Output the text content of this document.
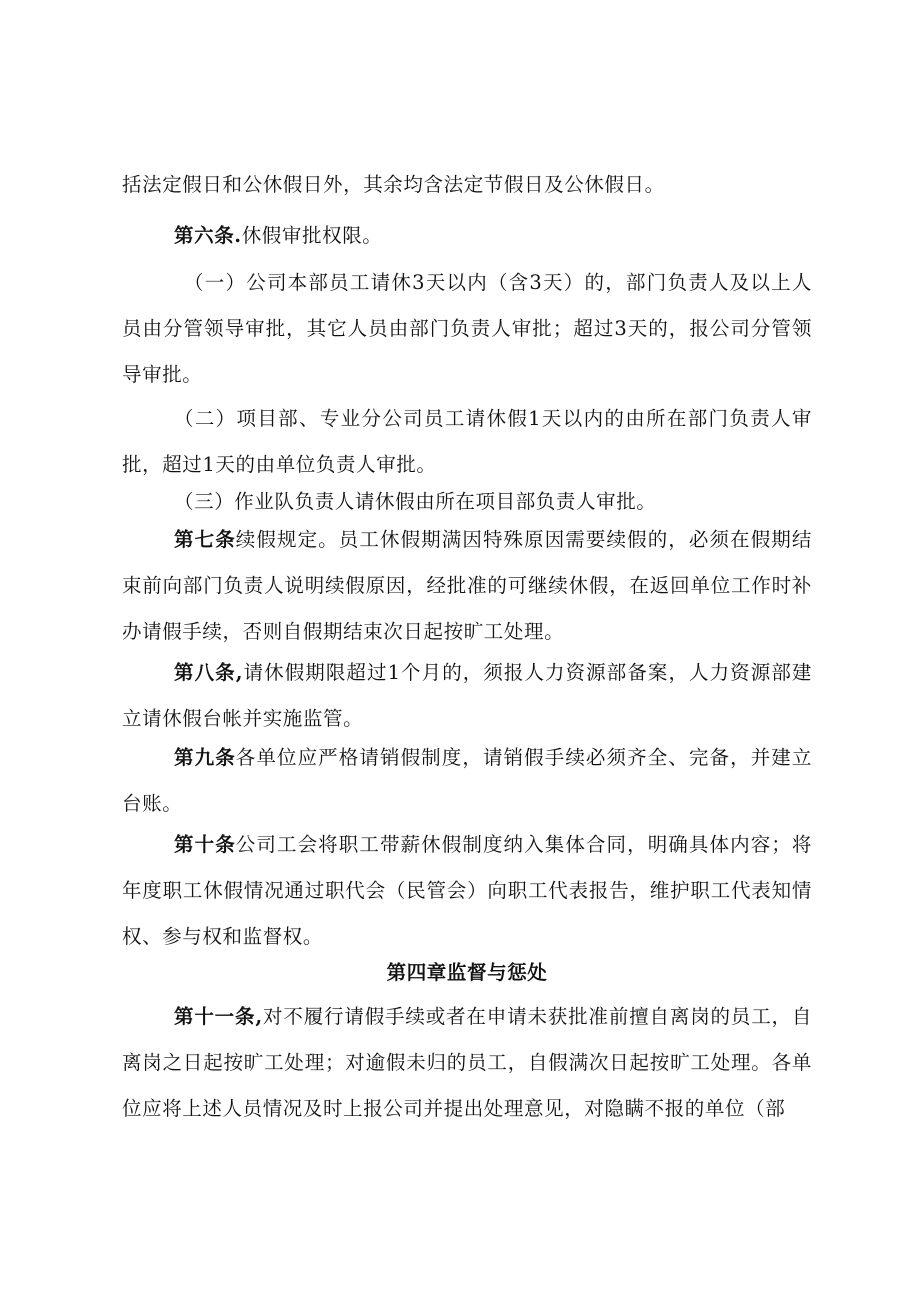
括法定假日和公休假日外，其余均含法定节假日及公休假日。

第六条.休假审批权限。

（一）公司本部员工请休3天以内（含3天）的，部门负责人及以上人员由分管领导审批，其它人员由部门负责人审批；超过3天的，报公司分管领导审批。

（二）项目部、专业分公司员工请休假1天以内的由所在部门负责人审批，超过1天的由单位负责人审批。

（三）作业队负责人请休假由所在项目部负责人审批。

第七条续假规定。员工休假期满因特殊原因需要续假的，必须在假期结束前向部门负责人说明续假原因，经批准的可继续休假，在返回单位工作时补办请假手续，否则自假期结束次日起按旷工处理。

第八条,请休假期限超过1个月的，须报人力资源部备案，人力资源部建立请休假台帐并实施监管。

第九条各单位应严格请销假制度，请销假手续必须齐全、完备，并建立台账。

第十条公司工会将职工带薪休假制度纳入集体合同，明确具体内容；将年度职工休假情况通过职代会（民管会）向职工代表报告，维护职工代表知情权、参与权和监督权。

第四章监督与惩处

第十一条,对不履行请假手续或者在申请未获批准前擅自离岗的员工，自离岗之日起按旷工处理；对逾假未归的员工，自假满次日起按旷工处理。各单位应将上述人员情况及时上报公司并提出处理意见，对隐瞒不报的单位（部
